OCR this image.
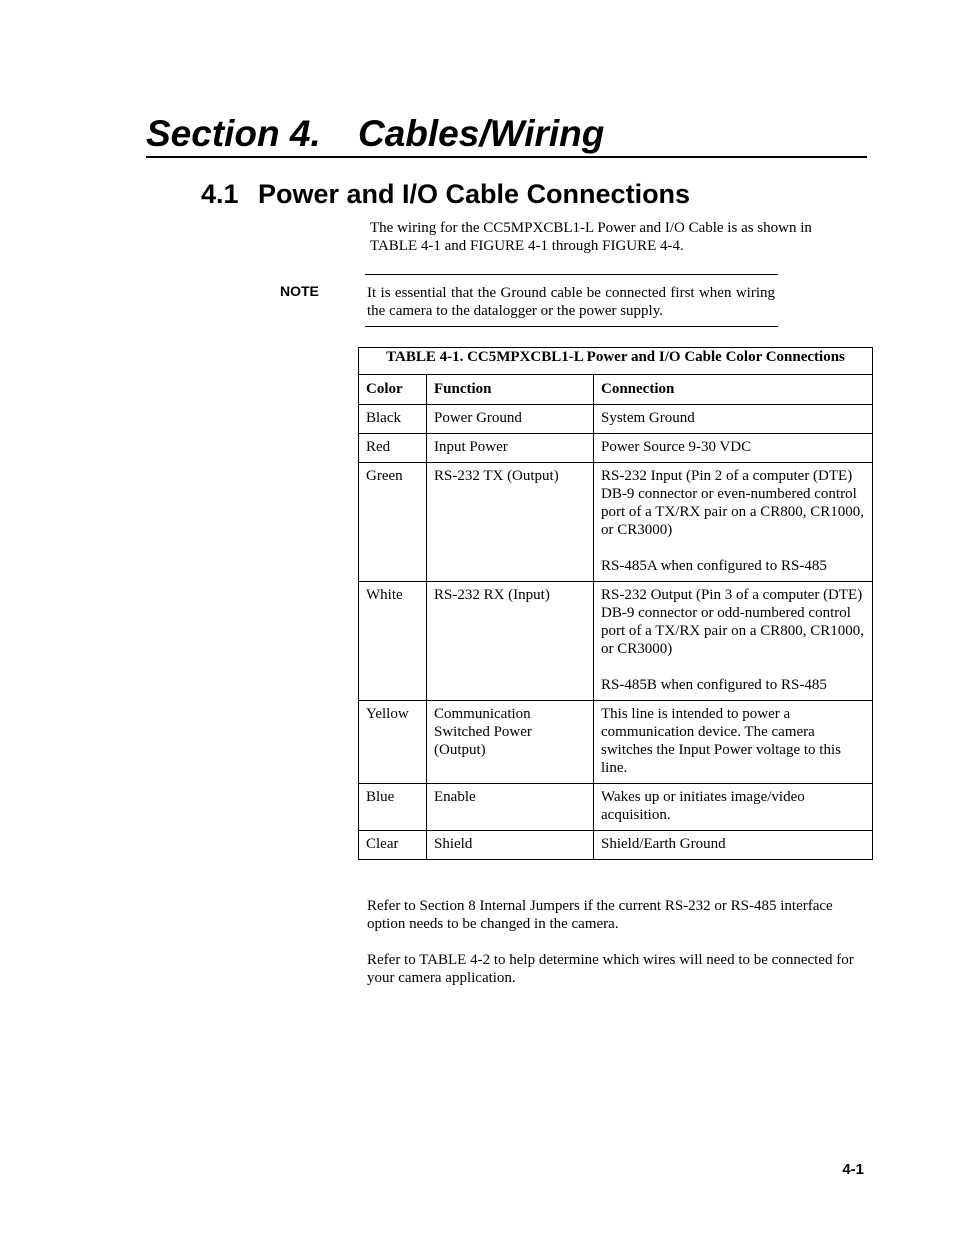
Section 4. Cables/Wiring
4.1 Power and I/O Cable Connections

The wiring for the CC5MPXCBL1-L Power and I/O Cable is as shown in TABLE 4-1 and FIGURE 4-1 through FIGURE 4-4.

NOTE	It is essential that the Ground cable be connected first when wiring the camera to the datalogger or the power supply.

TABLE 4-1. CC5MPXCBL1-L Power and I/O Cable Color Connections		
Color	Function	Connection
Black	Power Ground	System Ground
Red	Input Power	Power Source 9-30 VDC
Green	RS-232 TX (Output)	RS-232 Input (Pin 2 of a computer (DTE) DB-9 connector or even-numbered control port of a TX/RX pair on a CR800, CR1000, or CR3000)
RS-485A when configured to RS-485
White	RS-232 RX (Input)	RS-232 Output (Pin 3 of a computer (DTE) DB-9 connector or odd-numbered control port of a TX/RX pair on a CR800, CR1000, or CR3000)
RS-485B when configured to RS-485
Yellow	Communication Switched Power (Output)	This line is intended to power a communication device. The camera switches the Input Power voltage to this line.
Blue	Enable	Wakes up or initiates image/video acquisition.
Clear	Shield	Shield/Earth Ground

Refer to Section 8 Internal Jumpers if the current RS-232 or RS-485 interface option needs to be changed in the camera.

Refer to TABLE 4-2 to help determine which wires will need to be connected for your camera application.

4-1
